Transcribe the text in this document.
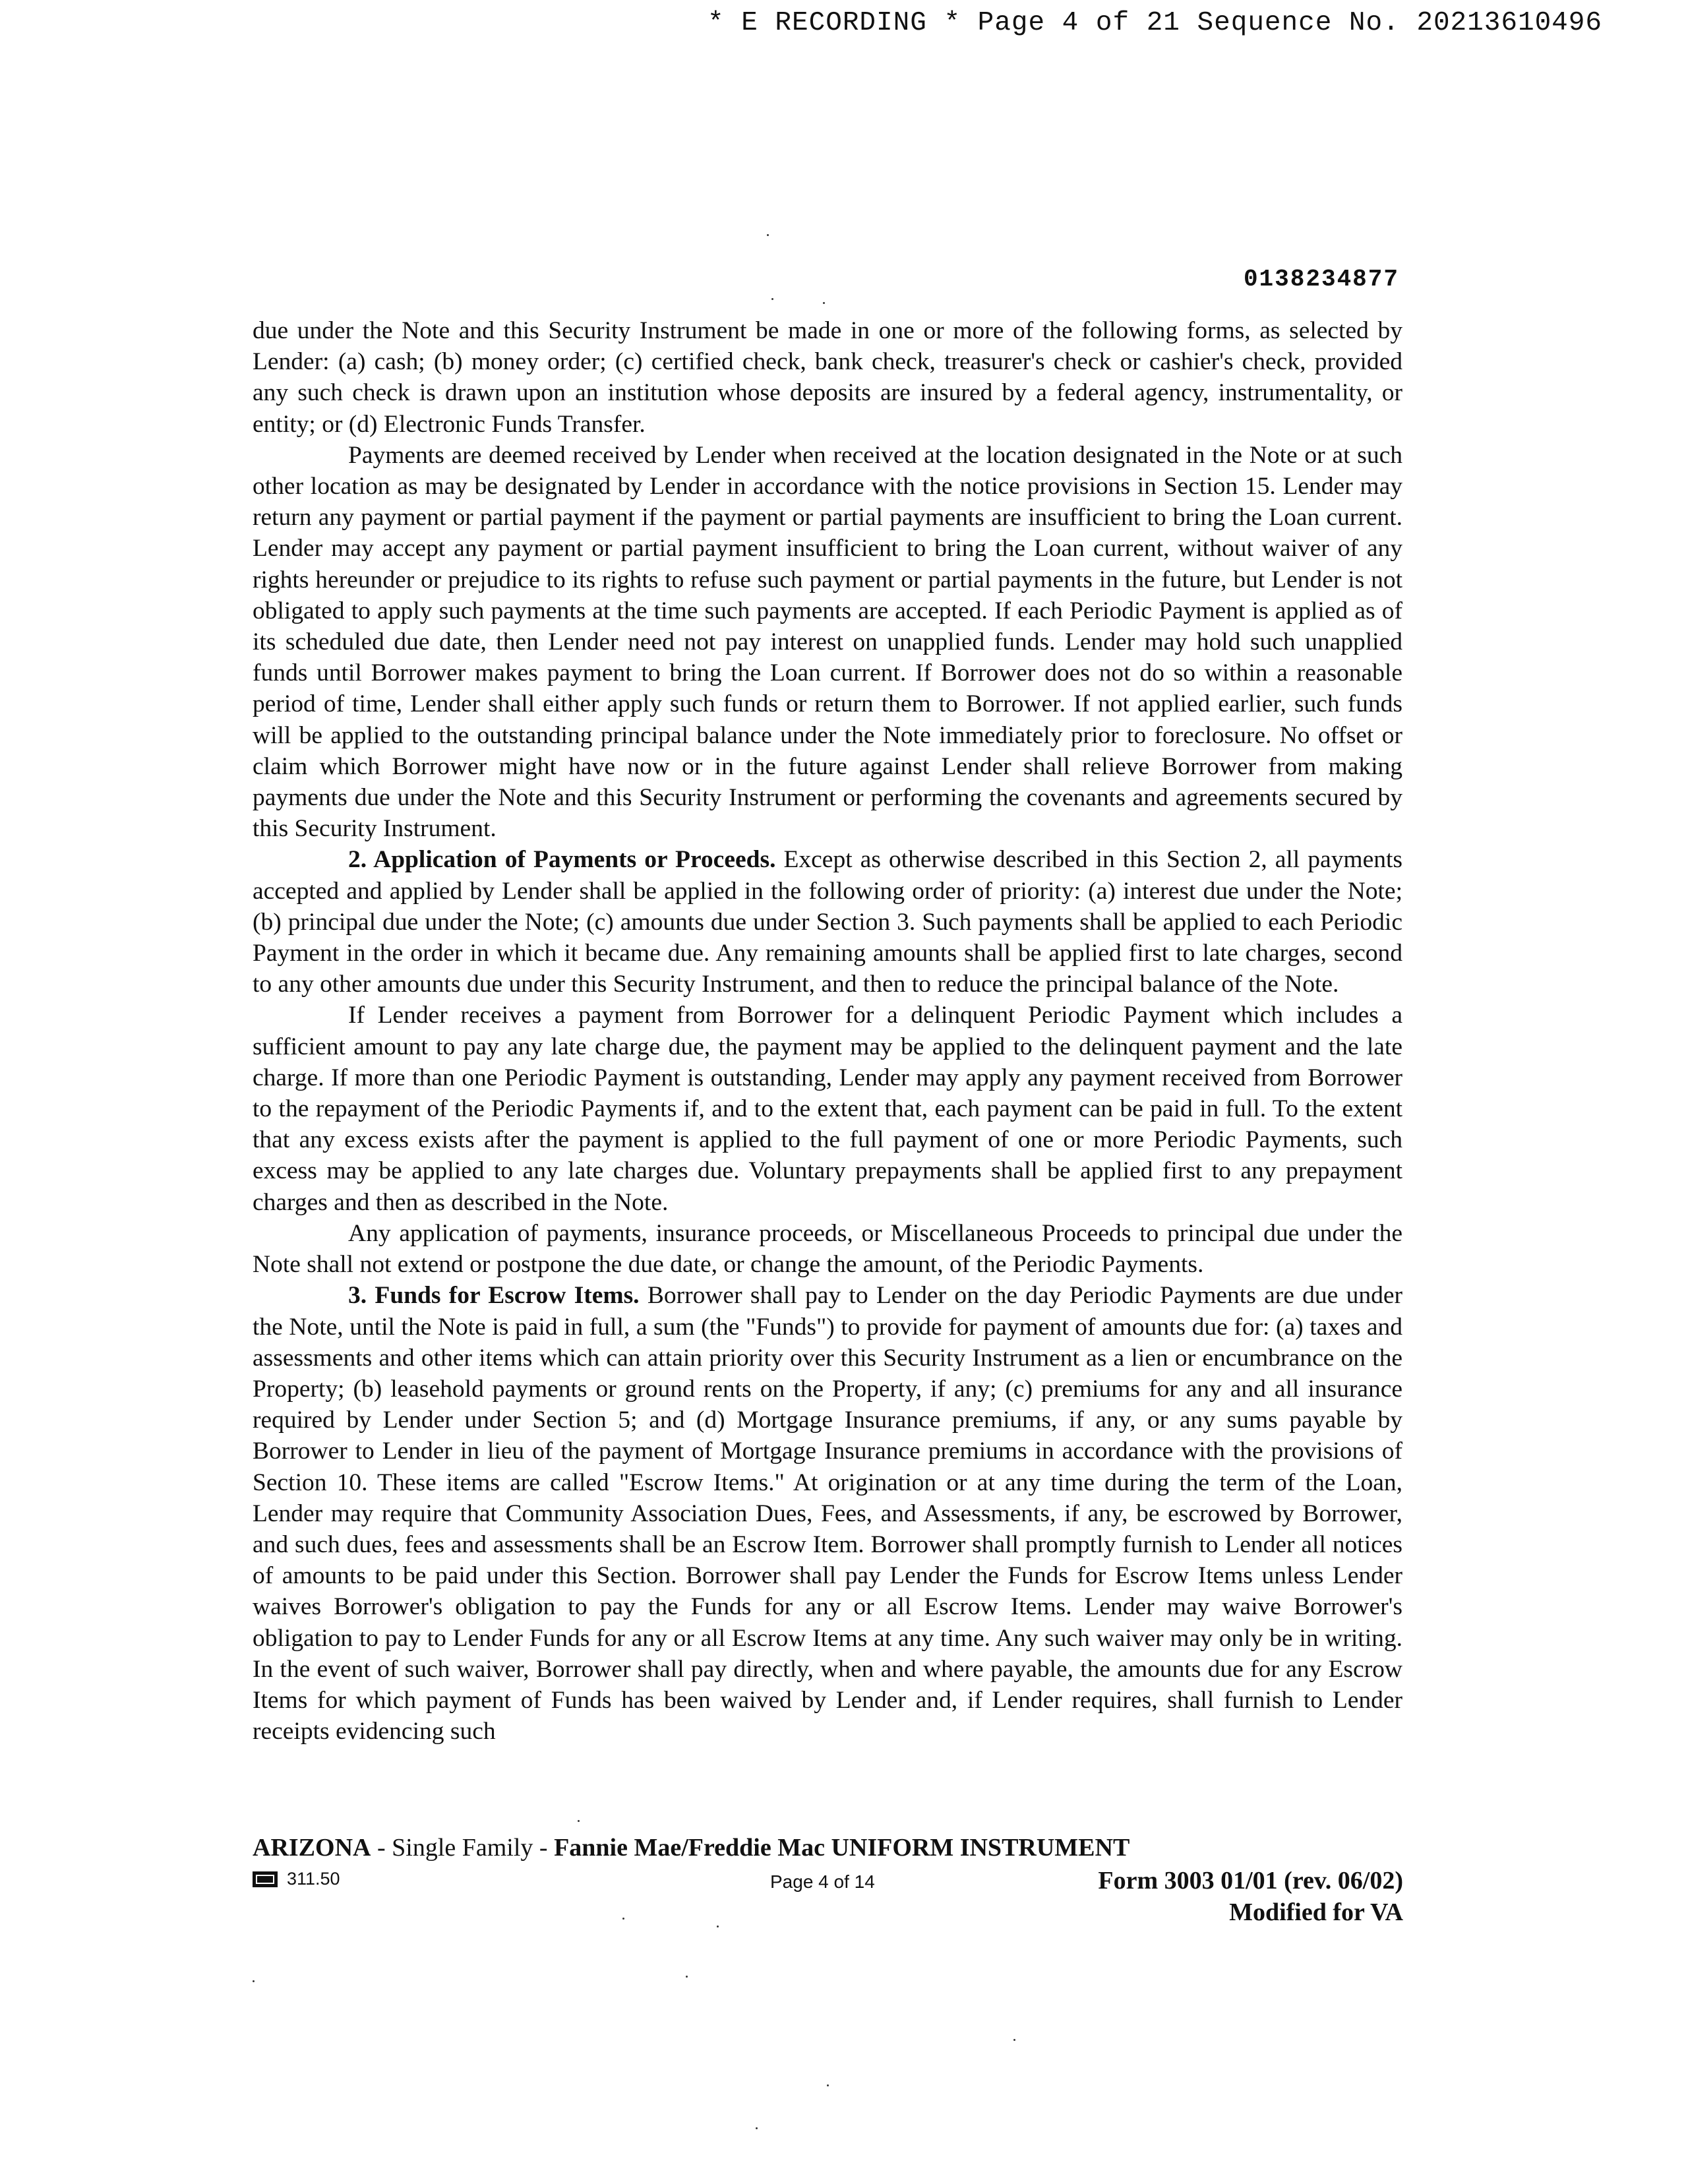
* E RECORDING * Page 4 of 21 Sequence No. 20213610496
0138234877

due under the Note and this Security Instrument be made in one or more of the following forms, as selected by Lender: (a) cash; (b) money order; (c) certified check, bank check, treasurer's check or cashier's check, provided any such check is drawn upon an institution whose deposits are insured by a federal agency, instrumentality, or entity; or (d) Electronic Funds Transfer.

Payments are deemed received by Lender when received at the location designated in the Note or at such other location as may be designated by Lender in accordance with the notice provisions in Section 15. Lender may return any payment or partial payment if the payment or partial payments are insufficient to bring the Loan current. Lender may accept any payment or partial payment insufficient to bring the Loan current, without waiver of any rights hereunder or prejudice to its rights to refuse such payment or partial payments in the future, but Lender is not obligated to apply such payments at the time such payments are accepted. If each Periodic Payment is applied as of its scheduled due date, then Lender need not pay interest on unapplied funds. Lender may hold such unapplied funds until Borrower makes payment to bring the Loan current. If Borrower does not do so within a reasonable period of time, Lender shall either apply such funds or return them to Borrower. If not applied earlier, such funds will be applied to the outstanding principal balance under the Note immediately prior to foreclosure. No offset or claim which Borrower might have now or in the future against Lender shall relieve Borrower from making payments due under the Note and this Security Instrument or performing the covenants and agreements secured by this Security Instrument.

2. Application of Payments or Proceeds. Except as otherwise described in this Section 2, all payments accepted and applied by Lender shall be applied in the following order of priority: (a) interest due under the Note; (b) principal due under the Note; (c) amounts due under Section 3. Such payments shall be applied to each Periodic Payment in the order in which it became due. Any remaining amounts shall be applied first to late charges, second to any other amounts due under this Security Instrument, and then to reduce the principal balance of the Note.

If Lender receives a payment from Borrower for a delinquent Periodic Payment which includes a sufficient amount to pay any late charge due, the payment may be applied to the delinquent payment and the late charge. If more than one Periodic Payment is outstanding, Lender may apply any payment received from Borrower to the repayment of the Periodic Payments if, and to the extent that, each payment can be paid in full. To the extent that any excess exists after the payment is applied to the full payment of one or more Periodic Payments, such excess may be applied to any late charges due. Voluntary prepayments shall be applied first to any prepayment charges and then as described in the Note.

Any application of payments, insurance proceeds, or Miscellaneous Proceeds to principal due under the Note shall not extend or postpone the due date, or change the amount, of the Periodic Payments.

3. Funds for Escrow Items. Borrower shall pay to Lender on the day Periodic Payments are due under the Note, until the Note is paid in full, a sum (the "Funds") to provide for payment of amounts due for: (a) taxes and assessments and other items which can attain priority over this Security Instrument as a lien or encumbrance on the Property; (b) leasehold payments or ground rents on the Property, if any; (c) premiums for any and all insurance required by Lender under Section 5; and (d) Mortgage Insurance premiums, if any, or any sums payable by Borrower to Lender in lieu of the payment of Mortgage Insurance premiums in accordance with the provisions of Section 10. These items are called "Escrow Items." At origination or at any time during the term of the Loan, Lender may require that Community Association Dues, Fees, and Assessments, if any, be escrowed by Borrower, and such dues, fees and assessments shall be an Escrow Item. Borrower shall promptly furnish to Lender all notices of amounts to be paid under this Section. Borrower shall pay Lender the Funds for Escrow Items unless Lender waives Borrower's obligation to pay the Funds for any or all Escrow Items. Lender may waive Borrower's obligation to pay to Lender Funds for any or all Escrow Items at any time. Any such waiver may only be in writing. In the event of such waiver, Borrower shall pay directly, when and where payable, the amounts due for any Escrow Items for which payment of Funds has been waived by Lender and, if Lender requires, shall furnish to Lender receipts evidencing such

ARIZONA - Single Family - Fannie Mae/Freddie Mac UNIFORM INSTRUMENT
311.50	Page 4 of 14	Form 3003 01/01 (rev. 06/02)
Modified for VA
